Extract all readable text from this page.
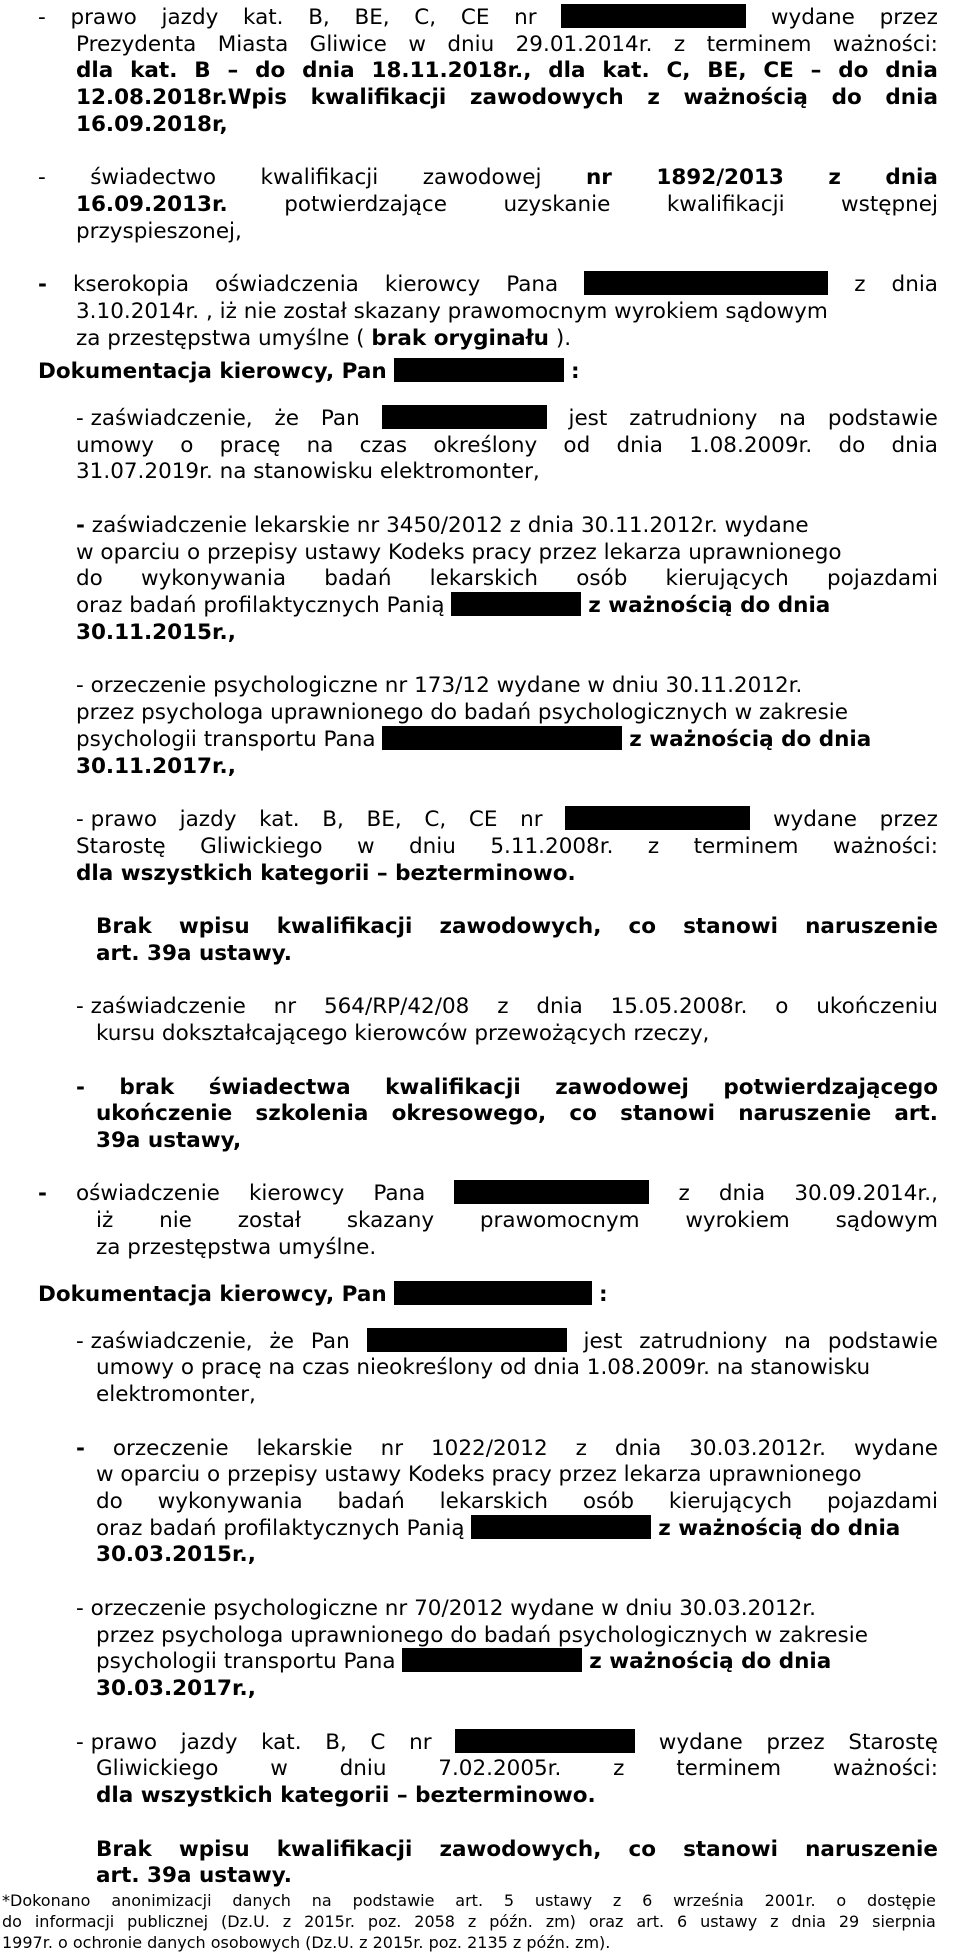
- prawo jazdy kat. B, BE, C, CE nr	wydane przez
Prezydenta Miasta Gliwice w dniu 29.01.2014r. z terminem ważności:
dla kat. B – do dnia 18.11.2018r., dla kat. C, BE, CE – do dnia
12.08.2018r.Wpis kwalifikacji zawodowych z ważnością do dnia
16.09.2018r,
- świadectwo kwalifikacji zawodowej nr 1892/2013 z dnia
16.09.2013r.	potwierdzające	uzyskanie	kwalifikacji	wstępnej
przyspieszonej,
- kserokopia oświadczenia kierowcy Pana	z dnia
3.10.2014r. , iż nie został skazany prawomocnym wyrokiem sądowym
za przestępstwa umyślne ( brak oryginału ).
Dokumentacja kierowcy, Pan	:
- zaświadczenie, że Pan	jest zatrudniony na podstawie
umowy o pracę na czas określony od dnia 1.08.2009r. do dnia
31.07.2019r. na stanowisku elektromonter,
- zaświadczenie lekarskie nr 3450/2012 z dnia 30.11.2012r. wydane
w oparciu o przepisy ustawy Kodeks pracy przez lekarza uprawnionego
do wykonywania badań lekarskich osób kierujących pojazdami
oraz badań profilaktycznych Panią	z ważnością do dnia
30.11.2015r.,
- orzeczenie psychologiczne nr 173/12 wydane w dniu 30.11.2012r.
przez psychologa uprawnionego do badań psychologicznych w zakresie
psychologii transportu Pana	z ważnością do dnia
30.11.2017r.,
- prawo jazdy kat. B, BE, C, CE nr	wydane przez
Starostę Gliwickiego w dniu 5.11.2008r. z terminem ważności:
dla wszystkich kategorii – bezterminowo.
Brak wpisu kwalifikacji zawodowych, co stanowi naruszenie
art. 39a ustawy.
- zaświadczenie nr 564/RP/42/08 z dnia 15.05.2008r. o ukończeniu
kursu dokształcającego kierowców przewożących rzeczy,
- brak świadectwa kwalifikacji zawodowej potwierdzającego
ukończenie szkolenia okresowego, co stanowi naruszenie art.
39a ustawy,
- oświadczenie kierowcy Pana	z dnia 30.09.2014r.,
iż nie został skazany prawomocnym wyrokiem sądowym
za przestępstwa umyślne.
Dokumentacja kierowcy, Pan	:
- zaświadczenie, że Pan	jest zatrudniony na podstawie
umowy o pracę na czas nieokreślony od dnia 1.08.2009r. na stanowisku
elektromonter,
- orzeczenie lekarskie nr 1022/2012 z dnia 30.03.2012r. wydane
w oparciu o przepisy ustawy Kodeks pracy przez lekarza uprawnionego
do wykonywania badań lekarskich osób kierujących pojazdami
oraz badań profilaktycznych Panią	z ważnością do dnia
30.03.2015r.,
- orzeczenie psychologiczne nr 70/2012 wydane w dniu 30.03.2012r.
przez psychologa uprawnionego do badań psychologicznych w zakresie
psychologii transportu Pana	z ważnością do dnia
30.03.2017r.,
- prawo jazdy kat. B, C nr	wydane przez Starostę
Gliwickiego w dniu 7.02.2005r. z terminem ważności:
dla wszystkich kategorii – bezterminowo.
Brak wpisu kwalifikacji zawodowych, co stanowi naruszenie
art. 39a ustawy.
*Dokonano anonimizacji danych na podstawie art. 5 ustawy z 6 września 2001r. o dostępie
do informacji publicznej (Dz.U. z 2015r. poz. 2058 z późn. zm) oraz art. 6 ustawy z dnia 29 sierpnia
1997r. o ochronie danych osobowych (Dz.U. z 2015r. poz. 2135 z późn. zm).
